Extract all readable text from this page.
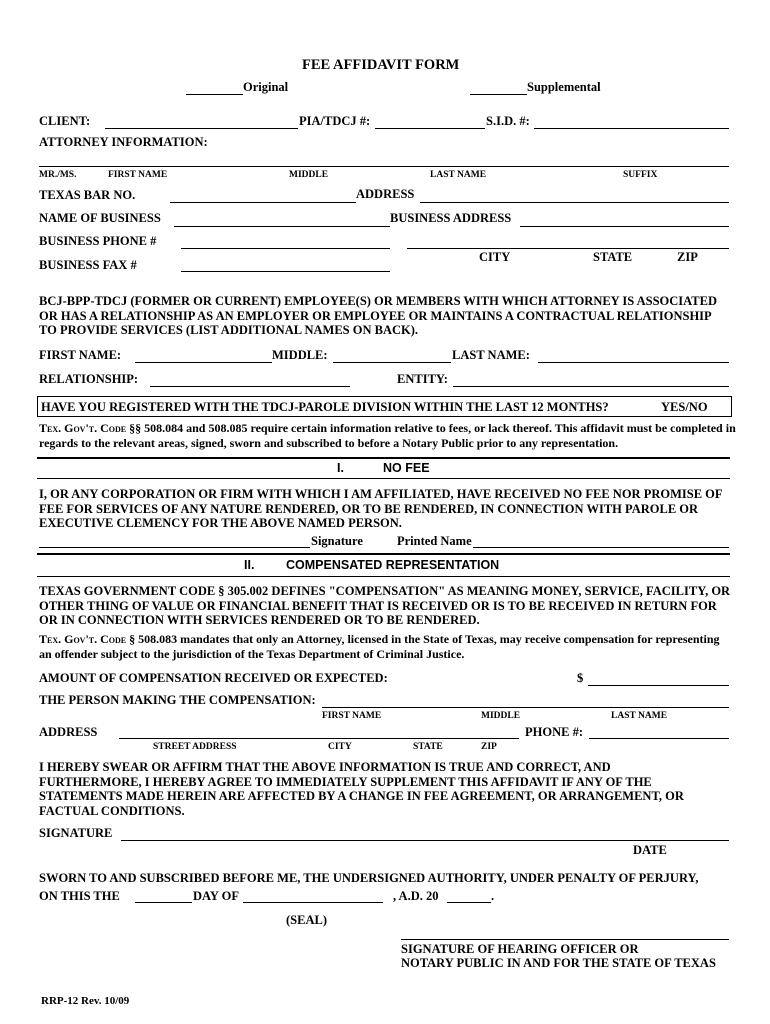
FEE AFFIDAVIT FORM
Original	Supplemental
CLIENT:	PIA/TDCJ #:	S.I.D. #:
ATTORNEY INFORMATION:
MR./MS.	FIRST NAME	MIDDLE	LAST NAME	SUFFIX
TEXAS BAR NO.	ADDRESS
NAME OF BUSINESS	BUSINESS ADDRESS
BUSINESS PHONE #
CITY	STATE	ZIP
BUSINESS FAX #
BCJ-BPP-TDCJ (FORMER OR CURRENT) EMPLOYEE(S) OR MEMBERS WITH WHICH ATTORNEY IS ASSOCIATED OR HAS A RELATIONSHIP AS AN EMPLOYER OR EMPLOYEE OR MAINTAINS A CONTRACTUAL RELATIONSHIP TO PROVIDE SERVICES (LIST ADDITIONAL NAMES ON BACK).
FIRST NAME:	MIDDLE:	LAST NAME:
RELATIONSHIP:	ENTITY:
HAVE YOU REGISTERED WITH THE TDCJ-PAROLE DIVISION WITHIN THE LAST 12 MONTHS?	YES/NO
Tex. Gov't. Code §§ 508.084 and 508.085 require certain information relative to fees, or lack thereof. This affidavit must be completed in regards to the relevant areas, signed, sworn and subscribed to before a Notary Public prior to any representation.
I.	NO FEE
I, OR ANY CORPORATION OR FIRM WITH WHICH I AM AFFILIATED, HAVE RECEIVED NO FEE NOR PROMISE OF FEE FOR SERVICES OF ANY NATURE RENDERED, OR TO BE RENDERED, IN CONNECTION WITH PAROLE OR EXECUTIVE CLEMENCY FOR THE ABOVE NAMED PERSON.
Signature	Printed Name
II.	COMPENSATED REPRESENTATION
TEXAS GOVERNMENT CODE § 305.002 DEFINES "COMPENSATION" AS MEANING MONEY, SERVICE, FACILITY, OR OTHER THING OF VALUE OR FINANCIAL BENEFIT THAT IS RECEIVED OR IS TO BE RECEIVED IN RETURN FOR OR IN CONNECTION WITH SERVICES RENDERED OR TO BE RENDERED.
Tex. Gov't. Code § 508.083 mandates that only an Attorney, licensed in the State of Texas, may receive compensation for representing an offender subject to the jurisdiction of the Texas Department of Criminal Justice.
AMOUNT OF COMPENSATION RECEIVED OR EXPECTED:	$
THE PERSON MAKING THE COMPENSATION:
FIRST NAME	MIDDLE	LAST NAME
ADDRESS	PHONE #:
STREET ADDRESS	CITY	STATE	ZIP
I HEREBY SWEAR OR AFFIRM THAT THE ABOVE INFORMATION IS TRUE AND CORRECT, AND FURTHERMORE, I HEREBY AGREE TO IMMEDIATELY SUPPLEMENT THIS AFFIDAVIT IF ANY OF THE STATEMENTS MADE HEREIN ARE AFFECTED BY A CHANGE IN FEE AGREEMENT, OR ARRANGEMENT, OR FACTUAL CONDITIONS.
SIGNATURE
DATE
SWORN TO AND SUBSCRIBED BEFORE ME, THE UNDERSIGNED AUTHORITY, UNDER PENALTY OF PERJURY,
ON THIS THE	DAY OF	, A.D. 20	.
(SEAL)
SIGNATURE OF HEARING OFFICER OR
NOTARY PUBLIC IN AND FOR THE STATE OF TEXAS
RRP-12 Rev. 10/09
